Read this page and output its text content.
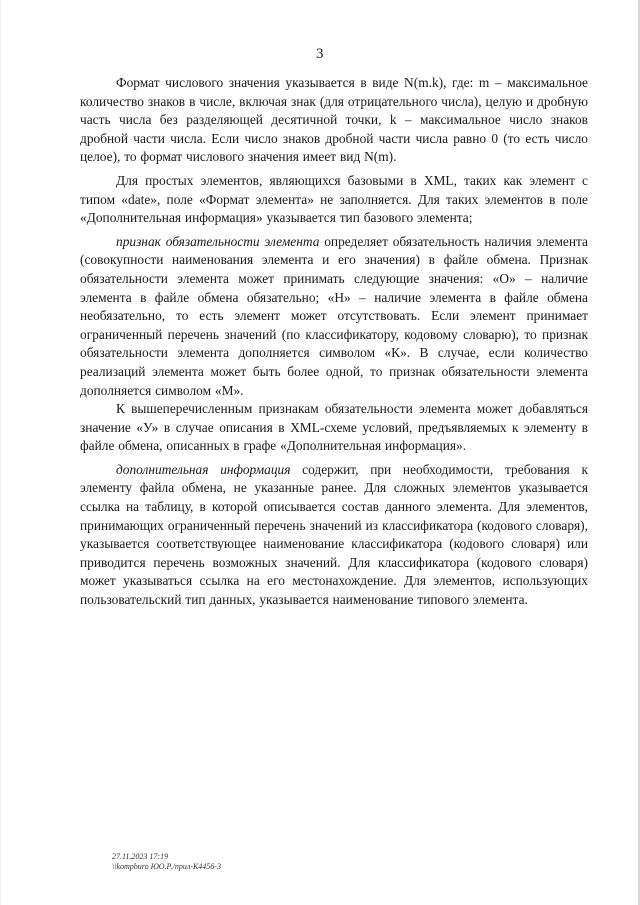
3

Формат числового значения указывается в виде N(m.k), где: m – максимальное количество знаков в числе, включая знак (для отрицательного числа), целую и дробную часть числа без разделяющей десятичной точки, k – максимальное число знаков дробной части числа. Если число знаков дробной части числа равно 0 (то есть число целое), то формат числового значения имеет вид N(m).

Для простых элементов, являющихся базовыми в XML, таких как элемент с типом «date», поле «Формат элемента» не заполняется. Для таких элементов в поле «Дополнительная информация» указывается тип базового элемента;

признак обязательности элемента определяет обязательность наличия элемента (совокупности наименования элемента и его значения) в файле обмена. Признак обязательности элемента может принимать следующие значения: «О» – наличие элемента в файле обмена обязательно; «Н» – наличие элемента в файле обмена необязательно, то есть элемент может отсутствовать. Если элемент принимает ограниченный перечень значений (по классификатору, кодовому словарю), то признак обязательности элемента дополняется символом «К». В случае, если количество реализаций элемента может быть более одной, то признак обязательности элемента дополняется символом «М».

К вышеперечисленным признакам обязательности элемента может добавляться значение «У» в случае описания в XML-схеме условий, предъявляемых к элементу в файле обмена, описанных в графе «Дополнительная информация».

дополнительная информация содержит, при необходимости, требования к элементу файла обмена, не указанные ранее. Для сложных элементов указывается ссылка на таблицу, в которой описывается состав данного элемента. Для элементов, принимающих ограниченный перечень значений из классификатора (кодового словаря), указывается соответствующее наименование классификатора (кодового словаря) или приводится перечень возможных значений. Для классификатора (кодового словаря) может указываться ссылка на его местонахождение. Для элементов, использующих пользовательский тип данных, указывается наименование типового элемента.

27.11.2023 17:19
\\kompburo ЮО.Р./прил-К4456-3
